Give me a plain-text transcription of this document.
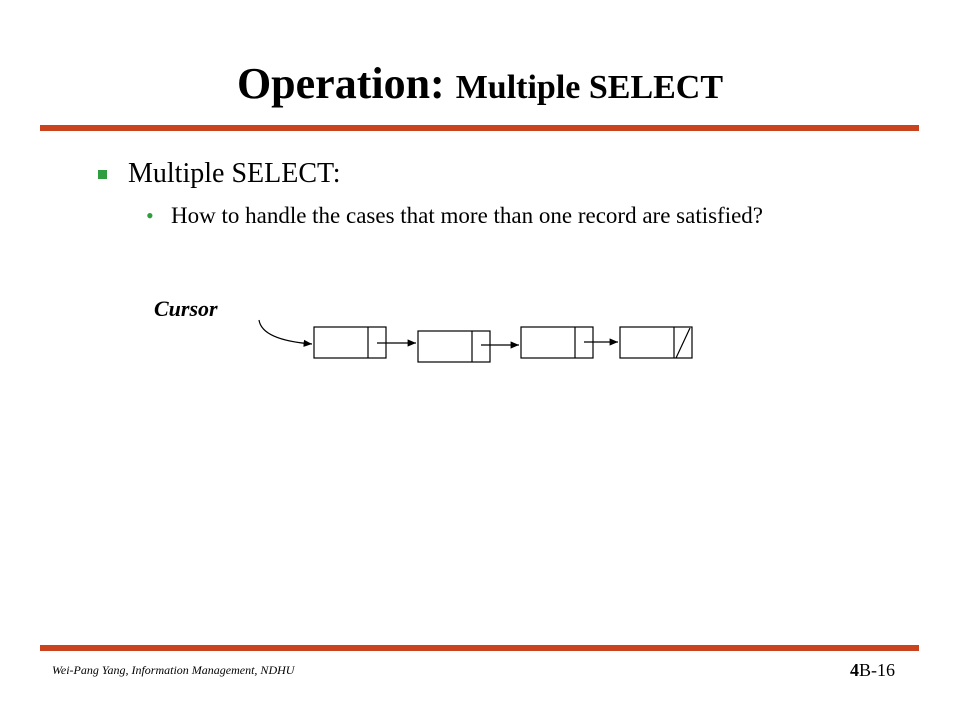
Operation: Multiple SELECT
Multiple SELECT:
• How to handle the cases that more than one record are satisfied?
Cursor
Wei-Pang Yang, Information Management, NDHU	4B-16
